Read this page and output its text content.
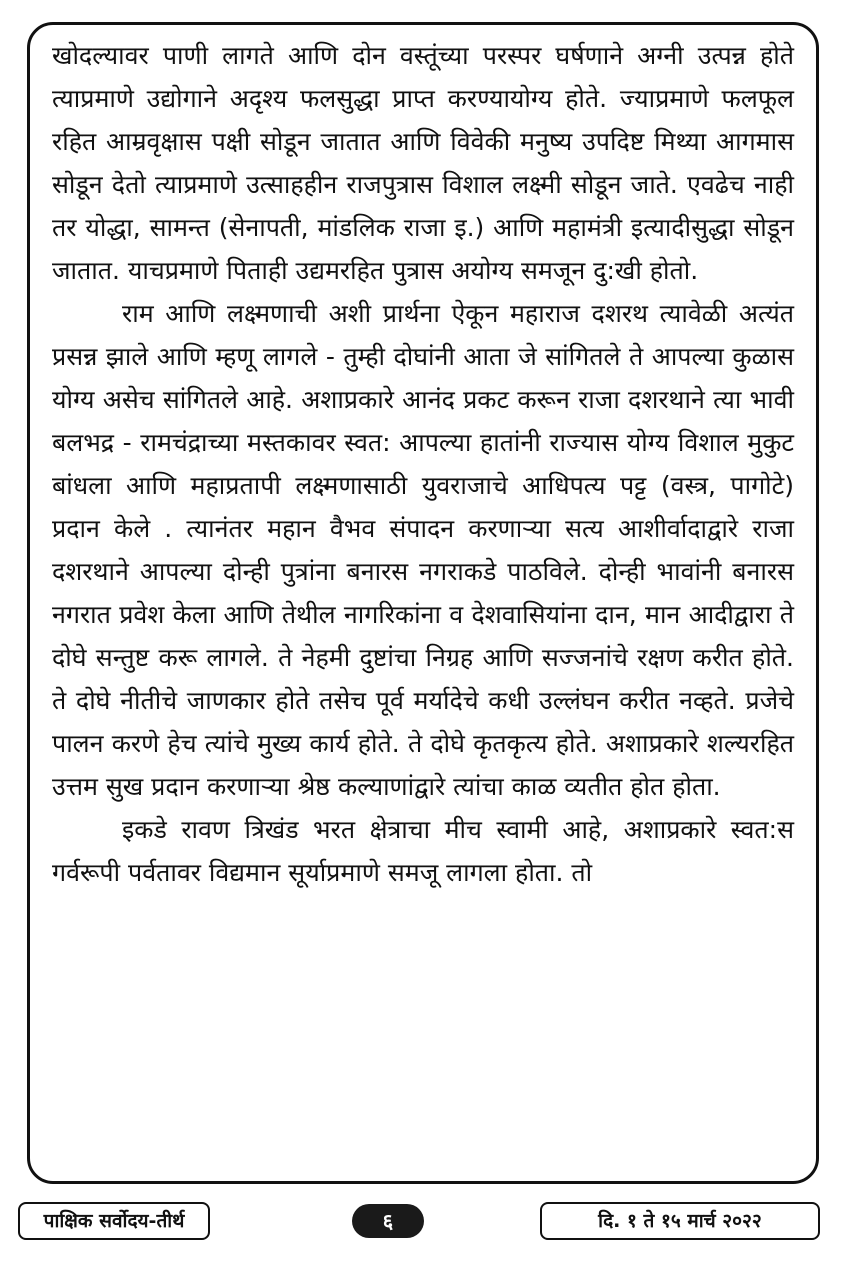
खोदल्यावर पाणी लागते आणि दोन वस्तूंच्या परस्पर घर्षणाने अग्नी उत्पन्न होते त्याप्रमाणे उद्योगाने अदृश्य फलसुद्धा प्राप्त करण्यायोग्य होते. ज्याप्रमाणे फलफूल रहित आम्रवृक्षास पक्षी सोडून जातात आणि विवेकी मनुष्य उपदिष्ट मिथ्या आगमास सोडून देतो त्याप्रमाणे उत्साहहीन राजपुत्रास विशाल लक्ष्मी सोडून जाते. एवढेच नाही तर योद्धा, सामन्त (सेनापती, मांडलिक राजा इ.) आणि महामंत्री इत्यादीसुद्धा सोडून जातात. याचप्रमाणे पिताही उद्यमरहित पुत्रास अयोग्य समजून दु:खी होतो.

राम आणि लक्ष्मणाची अशी प्रार्थना ऐकून महाराज दशरथ त्यावेळी अत्यंत प्रसन्न झाले आणि म्हणू लागले - तुम्ही दोघांनी आता जे सांगितले ते आपल्या कुळास योग्य असेच सांगितले आहे. अशाप्रकारे आनंद प्रकट करून राजा दशरथाने त्या भावी बलभद्र - रामचंद्राच्या मस्तकावर स्वत: आपल्या हातांनी राज्यास योग्य विशाल मुकुट बांधला आणि महाप्रतापी लक्ष्मणासाठी युवराजाचे आधिपत्य पट्ट (वस्त्र, पागोटे) प्रदान केले . त्यानंतर महान वैभव संपादन करणाऱ्या सत्य आशीर्वादाद्वारे राजा दशरथाने आपल्या दोन्ही पुत्रांना बनारस नगराकडे पाठविले. दोन्ही भावांनी बनारस नगरात प्रवेश केला आणि तेथील नागरिकांना व देशवासियांना दान, मान आदीद्वारा ते दोघे सन्तुष्ट करू लागले. ते नेहमी दुष्टांचा निग्रह आणि सज्जनांचे रक्षण करीत होते. ते दोघे नीतीचे जाणकार होते तसेच पूर्व मर्यादेचे कधी उल्लंघन करीत नव्हते. प्रजेचे पालन करणे हेच त्यांचे मुख्य कार्य होते. ते दोघे कृतकृत्य होते. अशाप्रकारे शल्यरहित उत्तम सुख प्रदान करणाऱ्या श्रेष्ठ कल्याणांद्वारे त्यांचा काळ व्यतीत होत होता.

इकडे रावण त्रिखंड भरत क्षेत्राचा मीच स्वामी आहे, अशाप्रकारे स्वत:स गर्वरूपी पर्वतावर विद्यमान सूर्याप्रमाणे समजू लागला होता. तो

पाक्षिक सर्वोदय-तीर्थ	६	दि. १ ते १५ मार्च २०२२
